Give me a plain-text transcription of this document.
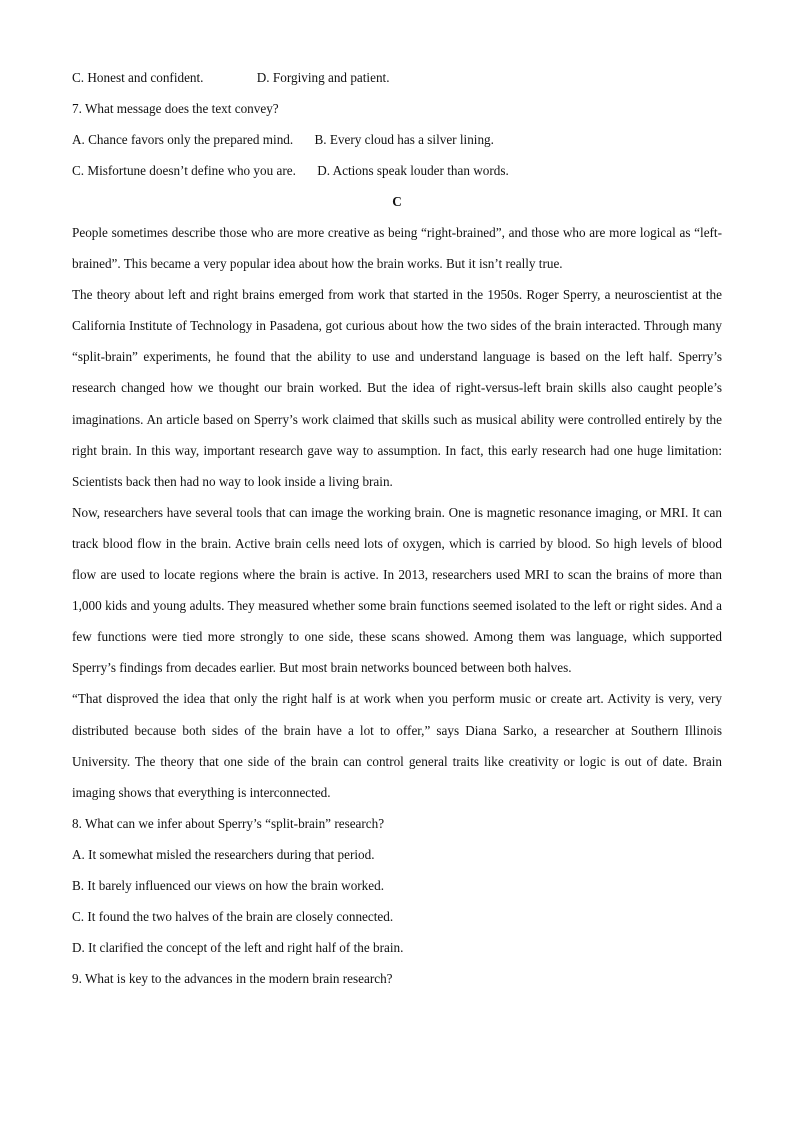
C. Honest and confident.	D. Forgiving and patient.
7. What message does the text convey?
A. Chance favors only the prepared mind. B. Every cloud has a silver lining.
C. Misfortune doesn’t define who you are. D. Actions speak louder than words.
C

People sometimes describe those who are more creative as being “right-brained”, and those who are more logical as “left-brained”. This became a very popular idea about how the brain works. But it isn’t really true.

The theory about left and right brains emerged from work that started in the 1950s. Roger Sperry, a neuroscientist at the California Institute of Technology in Pasadena, got curious about how the two sides of the brain interacted. Through many “split-brain” experiments, he found that the ability to use and understand language is based on the left half. Sperry’s research changed how we thought our brain worked. But the idea of right-versus-left brain skills also caught people’s imaginations. An article based on Sperry’s work claimed that skills such as musical ability were controlled entirely by the right brain. In this way, important research gave way to assumption. In fact, this early research had one huge limitation: Scientists back then had no way to look inside a living brain.

Now, researchers have several tools that can image the working brain. One is magnetic resonance imaging, or MRI. It can track blood flow in the brain. Active brain cells need lots of oxygen, which is carried by blood. So high levels of blood flow are used to locate regions where the brain is active. In 2013, researchers used MRI to scan the brains of more than 1,000 kids and young adults. They measured whether some brain functions seemed isolated to the left or right sides. And a few functions were tied more strongly to one side, these scans showed. Among them was language, which supported Sperry’s findings from decades earlier. But most brain networks bounced between both halves.

“That disproved the idea that only the right half is at work when you perform music or create art. Activity is very, very distributed because both sides of the brain have a lot to offer,” says Diana Sarko, a researcher at Southern Illinois University. The theory that one side of the brain can control general traits like creativity or logic is out of date. Brain imaging shows that everything is interconnected.

8. What can we infer about Sperry’s “split-brain” research?
A. It somewhat misled the researchers during that period.
B. It barely influenced our views on how the brain worked.
C. It found the two halves of the brain are closely connected.
D. It clarified the concept of the left and right half of the brain.
9. What is key to the advances in the modern brain research?
